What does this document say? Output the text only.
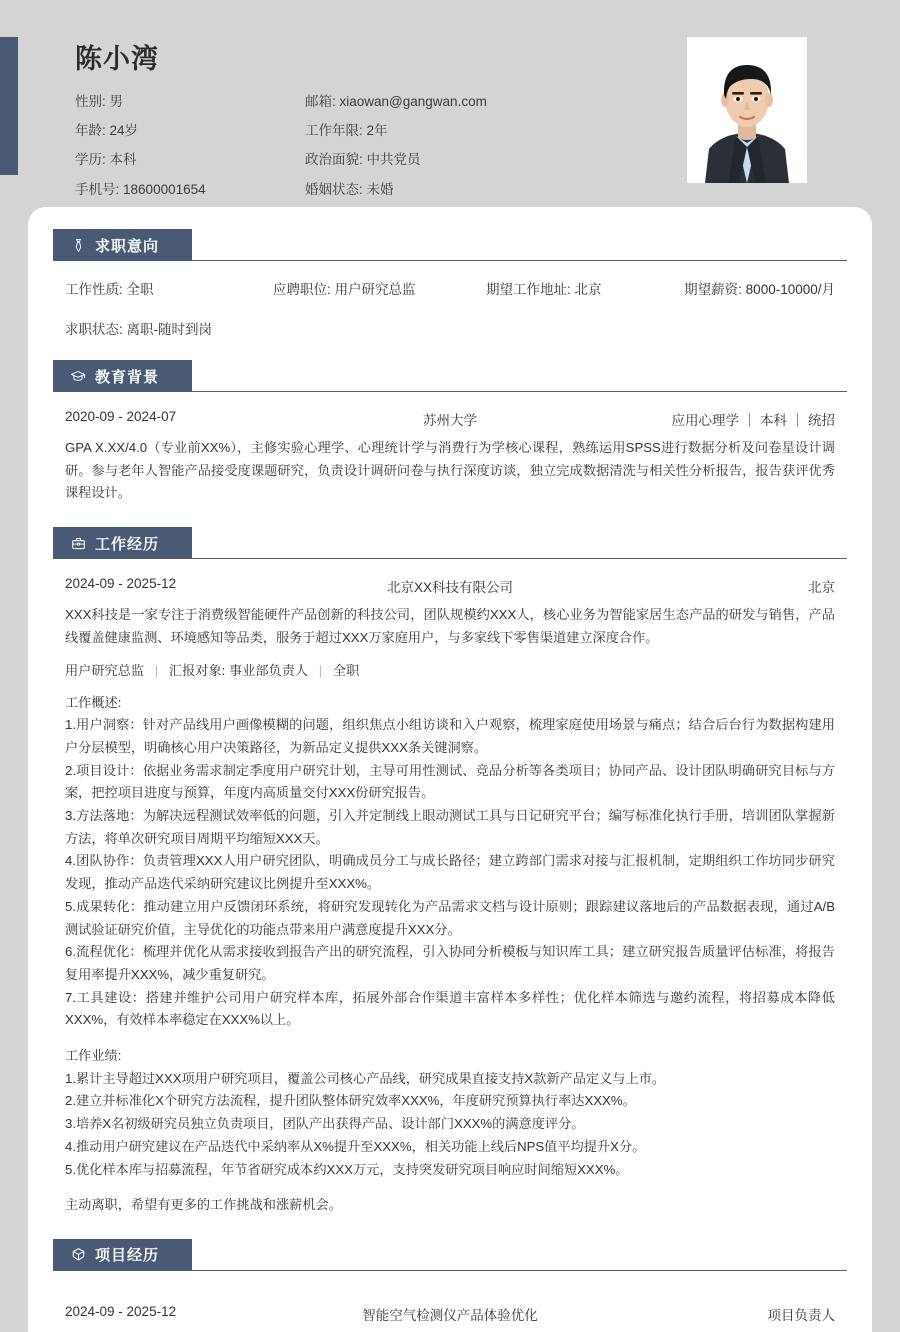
陈小湾
性别: 男	邮箱: xiaowan@gangwan.com
年龄: 24岁	工作年限: 2年
学历: 本科	政治面貌: 中共党员
手机号: 18600001654	婚姻状态: 未婚
求职意向
工作性质: 全职	应聘职位: 用户研究总监	期望工作地址: 北京	期望薪资: 8000-10000/月
求职状态: 离职-随时到岗
教育背景
2020-09 - 2024-07	苏州大学	应用心理学 ｜ 本科 ｜ 统招
GPA X.XX/4.0（专业前XX%），主修实验心理学、心理统计学与消费行为学核心课程，熟练运用SPSS进行数据分析及问卷星设计调研。参与老年人智能产品接受度课题研究，负责设计调研问卷与执行深度访谈，独立完成数据清洗与相关性分析报告，报告获评优秀课程设计。
工作经历
2024-09 - 2025-12	北京XX科技有限公司	北京
XXX科技是一家专注于消费级智能硬件产品创新的科技公司，团队规模约XXX人，核心业务为智能家居生态产品的研发与销售，产品线覆盖健康监测、环境感知等品类，服务于超过XXX万家庭用户，与多家线下零售渠道建立深度合作。
用户研究总监 | 汇报对象: 事业部负责人 | 全职
工作概述:
1.用户洞察：针对产品线用户画像模糊的问题，组织焦点小组访谈和入户观察，梳理家庭使用场景与痛点；结合后台行为数据构建用户分层模型，明确核心用户决策路径，为新品定义提供XXX条关键洞察。
2.项目设计：依据业务需求制定季度用户研究计划，主导可用性测试、竞品分析等各类项目；协同产品、设计团队明确研究目标与方案，把控项目进度与预算，年度内高质量交付XXX份研究报告。
3.方法落地：为解决远程测试效率低的问题，引入并定制线上眼动测试工具与日记研究平台；编写标准化执行手册，培训团队掌握新方法，将单次研究项目周期平均缩短XXX天。
4.团队协作：负责管理XXX人用户研究团队，明确成员分工与成长路径；建立跨部门需求对接与汇报机制，定期组织工作坊同步研究发现，推动产品迭代采纳研究建议比例提升至XXX%。
5.成果转化：推动建立用户反馈闭环系统，将研究发现转化为产品需求文档与设计原则；跟踪建议落地后的产品数据表现，通过A/B测试验证研究价值，主导优化的功能点带来用户满意度提升XXX分。
6.流程优化：梳理并优化从需求接收到报告产出的研究流程，引入协同分析模板与知识库工具；建立研究报告质量评估标准，将报告复用率提升XXX%，减少重复研究。
7.工具建设：搭建并维护公司用户研究样本库，拓展外部合作渠道丰富样本多样性；优化样本筛选与邀约流程，将招募成本降低XXX%，有效样本率稳定在XXX%以上。
工作业绩:
1.累计主导超过XXX项用户研究项目，覆盖公司核心产品线，研究成果直接支持X款新产品定义与上市。
2.建立并标准化X个研究方法流程，提升团队整体研究效率XXX%，年度研究预算执行率达XXX%。
3.培养X名初级研究员独立负责项目，团队产出获得产品、设计部门XXX%的满意度评分。
4.推动用户研究建议在产品迭代中采纳率从X%提升至XXX%，相关功能上线后NPS值平均提升X分。
5.优化样本库与招募流程，年节省研究成本约XXX万元，支持突发研究项目响应时间缩短XXX%。
主动离职，希望有更多的工作挑战和涨薪机会。
项目经历
2024-09 - 2025-12	智能空气检测仪产品体验优化	项目负责人
